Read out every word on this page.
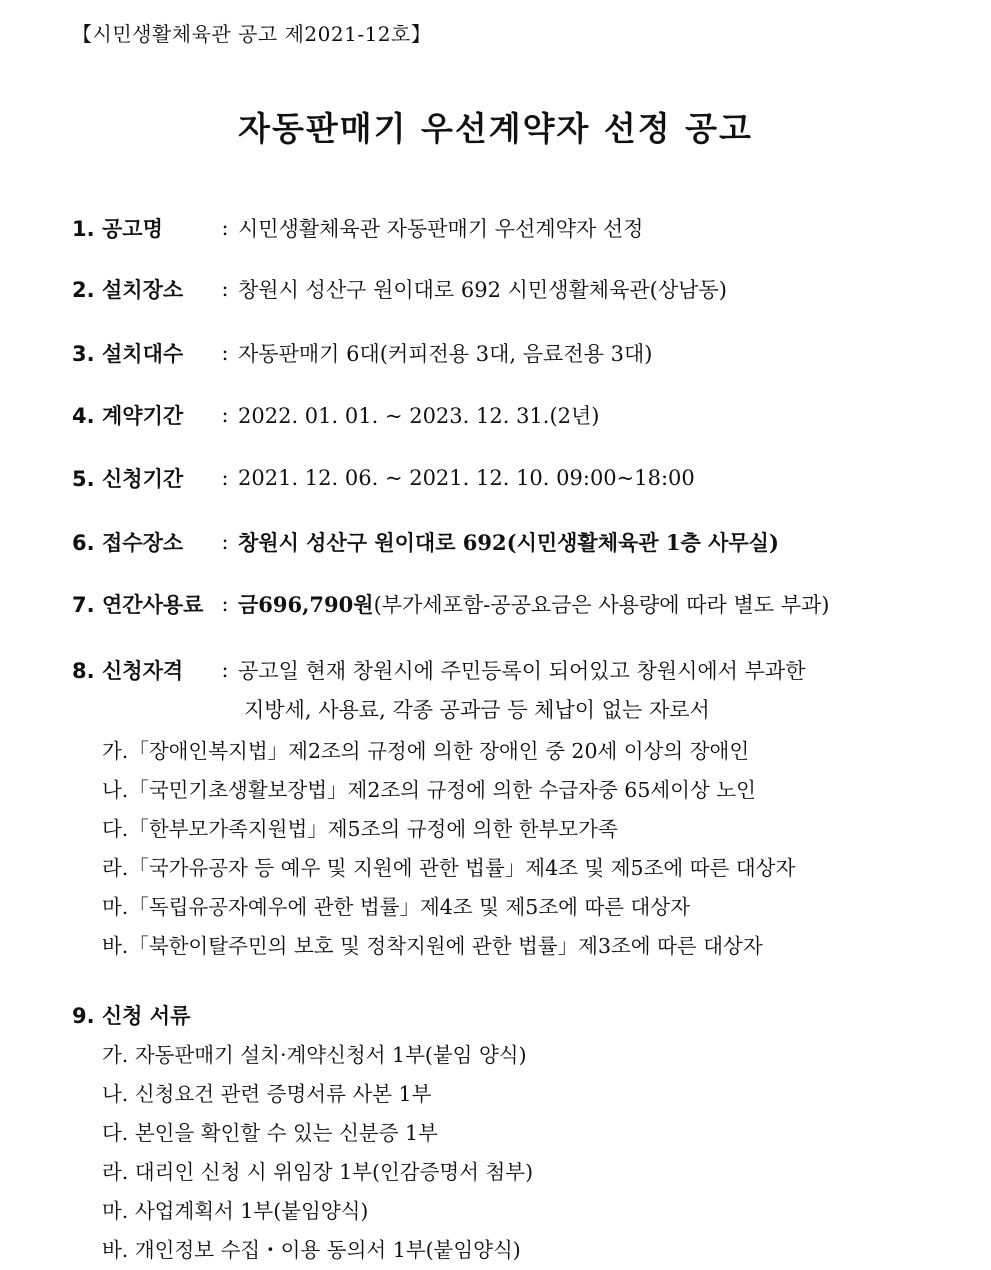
【시민생활체육관 공고 제2021-12호】
자동판매기 우선계약자 선정 공고
1. 공고명	: 시민생활체육관 자동판매기 우선계약자 선정
2. 설치장소	: 창원시 성산구 원이대로 692 시민생활체육관(상남동)
3. 설치대수	: 자동판매기 6대(커피전용 3대, 음료전용 3대)
4. 계약기간	: 2022. 01. 01. ~ 2023. 12. 31.(2년)
5. 신청기간	: 2021. 12. 06. ~ 2021. 12. 10. 09:00~18:00
6. 접수장소	: 창원시 성산구 원이대로 692(시민생활체육관 1층 사무실)
7. 연간사용료 : 금696,790원(부가세포함-공공요금은 사용량에 따라 별도 부과)
8. 신청자격	: 공고일 현재 창원시에 주민등록이 되어있고 창원시에서 부과한
지방세, 사용료, 각종 공과금 등 체납이 없는 자로서
가.「장애인복지법」제2조의 규정에 의한 장애인 중 20세 이상의 장애인
나.「국민기초생활보장법」제2조의 규정에 의한 수급자중 65세이상 노인
다.「한부모가족지원법」제5조의 규정에 의한 한부모가족
라.「국가유공자 등 예우 및 지원에 관한 법률」제4조 및 제5조에 따른 대상자
마.「독립유공자예우에 관한 법률」제4조 및 제5조에 따른 대상자
바.「북한이탈주민의 보호 및 정착지원에 관한 법률」제3조에 따른 대상자
9. 신청 서류
가. 자동판매기 설치·계약신청서 1부(붙임 양식)
나. 신청요건 관련 증명서류 사본 1부
다. 본인을 확인할 수 있는 신분증 1부
라. 대리인 신청 시 위임장 1부(인감증명서 첨부)
마. 사업계획서 1부(붙임양식)
바. 개인정보 수집・이용 동의서 1부(붙임양식)
